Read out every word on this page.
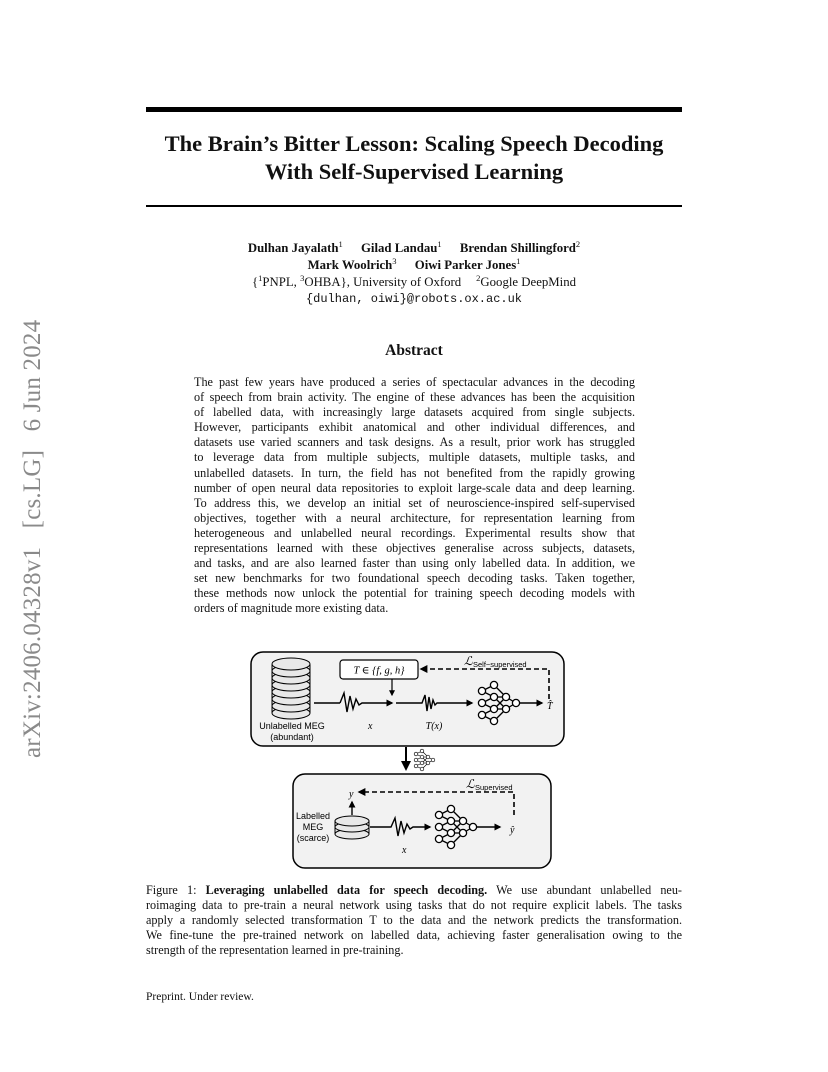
arXiv:2406.04328v1 [cs.LG] 6 Jun 2024
The Brain’s Bitter Lesson: Scaling Speech Decoding
With Self-Supervised Learning
Dulhan Jayalath$^1$ Gilad Landau$^1$ Brendan Shillingford$^2$
Mark Woolrich$^3$ Oiwi Parker Jones$^1$
{$^1$PNPL, $^3$OHBA}, University of Oxford $^2$Google DeepMind
{dulhan, oiwi}@robots.ox.ac.uk
Abstract
The past few years have produced a series of spectacular advances in the decoding
of speech from brain activity. The engine of these advances has been the acquisition
of labelled data, with increasingly large datasets acquired from single subjects.
However, participants exhibit anatomical and other individual differences, and
datasets use varied scanners and task designs. As a result, prior work has struggled
to leverage data from multiple subjects, multiple datasets, multiple tasks, and
unlabelled datasets. In turn, the field has not benefited from the rapidly growing
number of open neural data repositories to exploit large-scale data and deep learning.
To address this, we develop an initial set of neuroscience-inspired self-supervised
objectives, together with a neural architecture, for representation learning from
heterogeneous and unlabelled neural recordings. Experimental results show that
representations learned with these objectives generalise across subjects, datasets,
and tasks, and are also learned faster than using only labelled data. In addition, we
set new benchmarks for two foundational speech decoding tasks. Taken together,
these methods now unlock the potential for training speech decoding models with
orders of magnitude more existing data.
Unlabelled MEG
(abundant)
T ∈ {f, g, h}
ℒ Self−supervised
x	T(x)
T̂
Labelled
MEG
(scarce)
y
ℒ Supervised
x
ŷ
Figure 1: Leveraging unlabelled data for speech decoding. We use abundant unlabelled neu-
roimaging data to pre-train a neural network using tasks that do not require explicit labels. The tasks
apply a randomly selected transformation T to the data and the network predicts the transformation.
We fine-tune the pre-trained network on labelled data, achieving faster generalisation owing to the
strength of the representation learned in pre-training.

Preprint. Under review.
